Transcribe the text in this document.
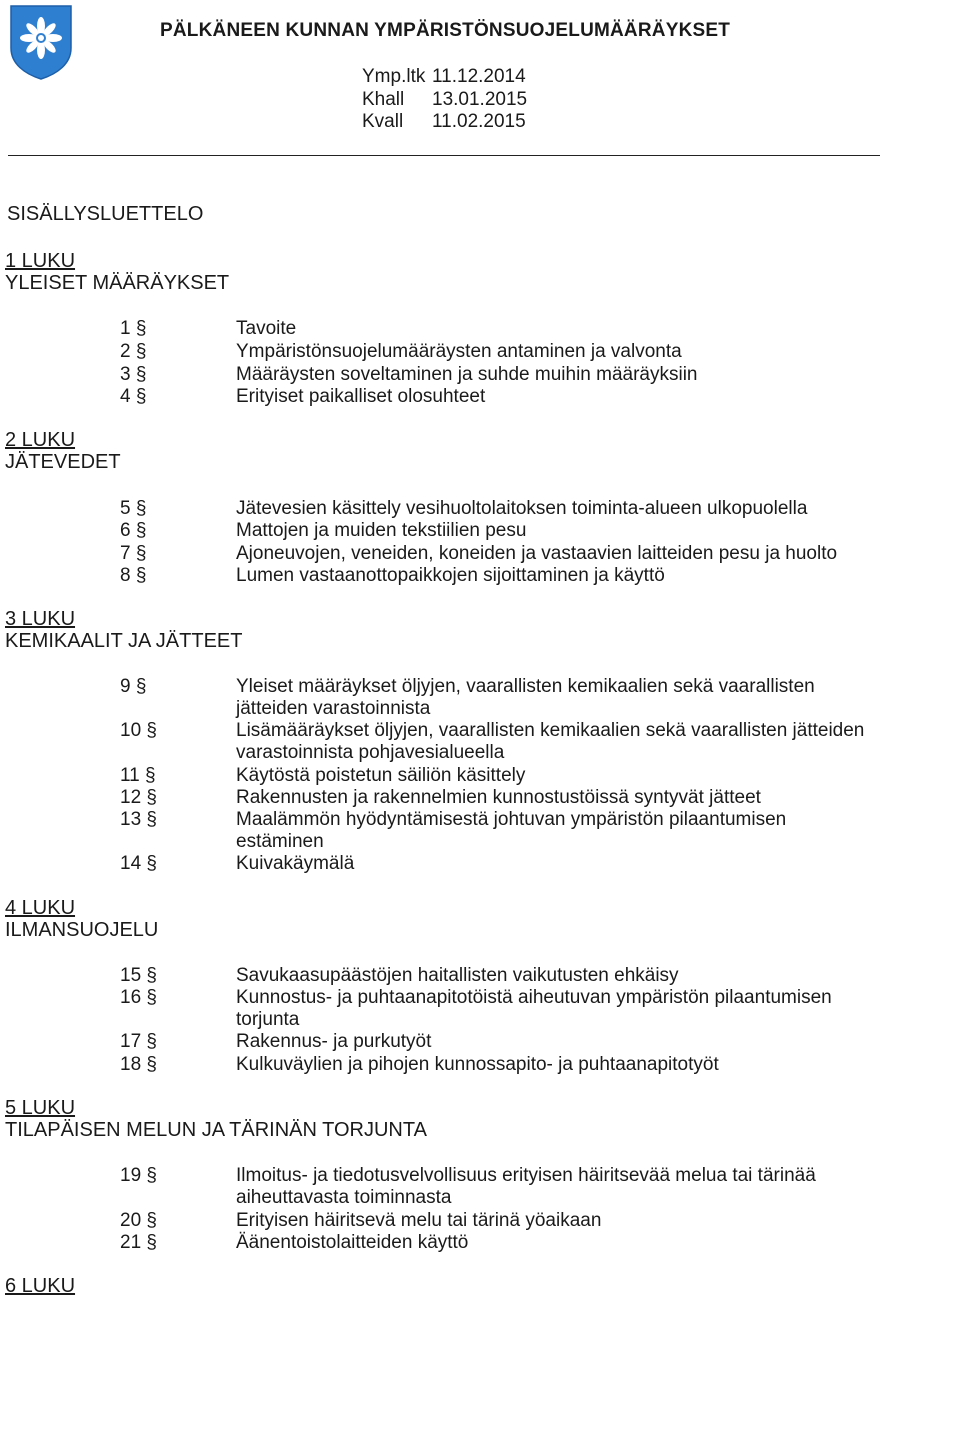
PÄLKÄNEEN KUNNAN YMPÄRISTÖNSUOJELUMÄÄRÄYKSET
Ymp.ltk 11.12.2014
Khall 13.01.2015
Kvall 11.02.2015
SISÄLLYSLUETTELO
1 LUKU
YLEISET MÄÄRÄYKSET
1 §	Tavoite
2 §	Ympäristönsuojelumääräysten antaminen ja valvonta
3 §	Määräysten soveltaminen ja suhde muihin määräyksiin
4 §	Erityiset paikalliset olosuhteet
2 LUKU
JÄTEVEDET
5 §	Jätevesien käsittely vesihuoltolaitoksen toiminta-alueen ulkopuolella
6 §	Mattojen ja muiden tekstiilien pesu
7 §	Ajoneuvojen, veneiden, koneiden ja vastaavien laitteiden pesu ja huolto
8 §	Lumen vastaanottopaikkojen sijoittaminen ja käyttö
3 LUKU
KEMIKAALIT JA JÄTTEET
9 §	Yleiset määräykset öljyjen, vaarallisten kemikaalien sekä vaarallisten jätteiden varastoinnista
10 §	Lisämääräykset öljyjen, vaarallisten kemikaalien sekä vaarallisten jätteiden varastoinnista pohjavesialueella
11 §	Käytöstä poistetun säiliön käsittely
12 §	Rakennusten ja rakennelmien kunnostustöissä syntyvät jätteet
13 §	Maalämmön hyödyntämisestä johtuvan ympäristön pilaantumisen estäminen
14 §	Kuivakäymälä
4 LUKU
ILMANSUOJELU
15 §	Savukaasupäästöjen haitallisten vaikutusten ehkäisy
16 §	Kunnostus- ja puhtaanapitotöistä aiheutuvan ympäristön pilaantumisen torjunta
17 §	Rakennus- ja purkutyöt
18 §	Kulkuväylien ja pihojen kunnossapito- ja puhtaanapitotyöt
5 LUKU
TILAPÄISEN MELUN JA TÄRINÄN TORJUNTA
19 §	Ilmoitus- ja tiedotusvelvollisuus erityisen häiritsevää melua tai tärinää aiheuttavasta toiminnasta
20 §	Erityisen häiritsevä melu tai tärinä yöaikaan
21 §	Äänentoistolaitteiden käyttö
6 LUKU
